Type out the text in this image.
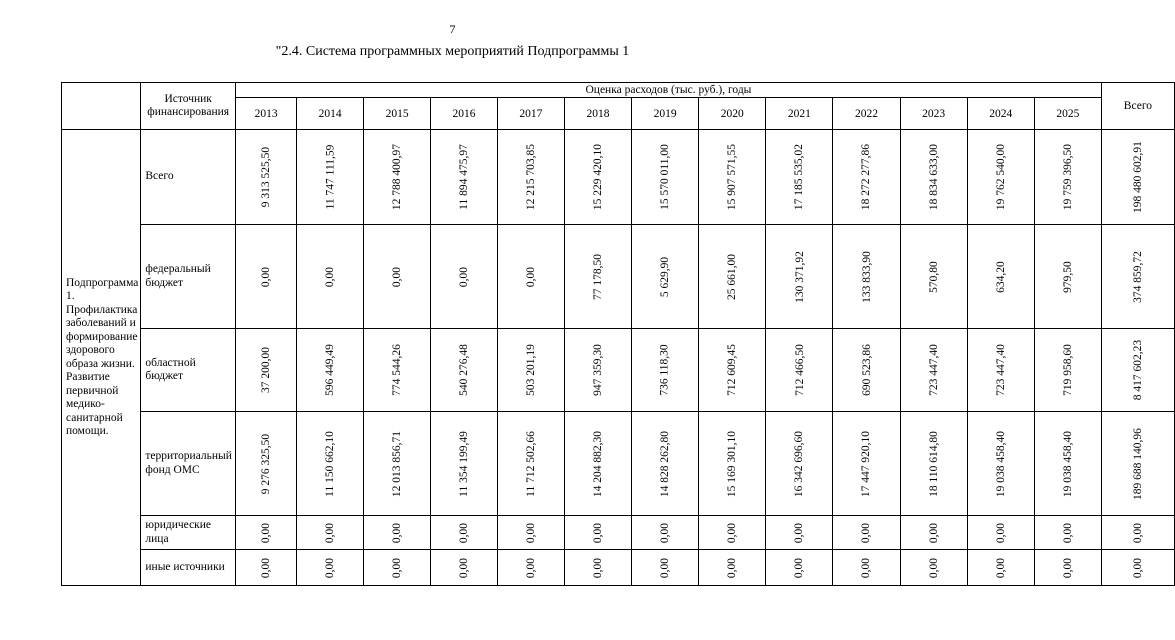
7
"2.4. Система программных мероприятий Подпрограммы 1
	Источник финансирования	Оценка расходов (тыс. руб.), годы													Всего
		2013	2014	2015	2016	2017	2018	2019	2020	2021	2022	2023	2024	2025	
Подпрограмма 1. Профилактика заболеваний и формирование здорового образа жизни. Развитие первичной медико-санитарной помощи.	Всего	9 313 525,50	11 747 111,59	12 788 400,97	11 894 475,97	12 215 703,85	15 229 420,10	15 570 011,00	15 907 571,55	17 185 535,02	18 272 277,86	18 834 633,00	19 762 540,00	19 759 396,50	198 480 602,91
	федеральный бюджет	0,00	0,00	0,00	0,00	0,00	77 178,50	5 629,90	25 661,00	130 371,92	133 833,90	570,80	634,20	979,50	374 859,72
	областной бюджет	37 200,00	596 449,49	774 544,26	540 276,48	503 201,19	947 359,30	736 118,30	712 609,45	712 466,50	690 523,86	723 447,40	723 447,40	719 958,60	8 417 602,23
	территориальный фонд ОМС	9 276 325,50	11 150 662,10	12 013 856,71	11 354 199,49	11 712 502,66	14 204 882,30	14 828 262,80	15 169 301,10	16 342 696,60	17 447 920,10	18 110 614,80	19 038 458,40	19 038 458,40	189 688 140,96
	юридические лица	0,00	0,00	0,00	0,00	0,00	0,00	0,00	0,00	0,00	0,00	0,00	0,00	0,00	0,00
	иные источники	0,00	0,00	0,00	0,00	0,00	0,00	0,00	0,00	0,00	0,00	0,00	0,00	0,00	0,00
